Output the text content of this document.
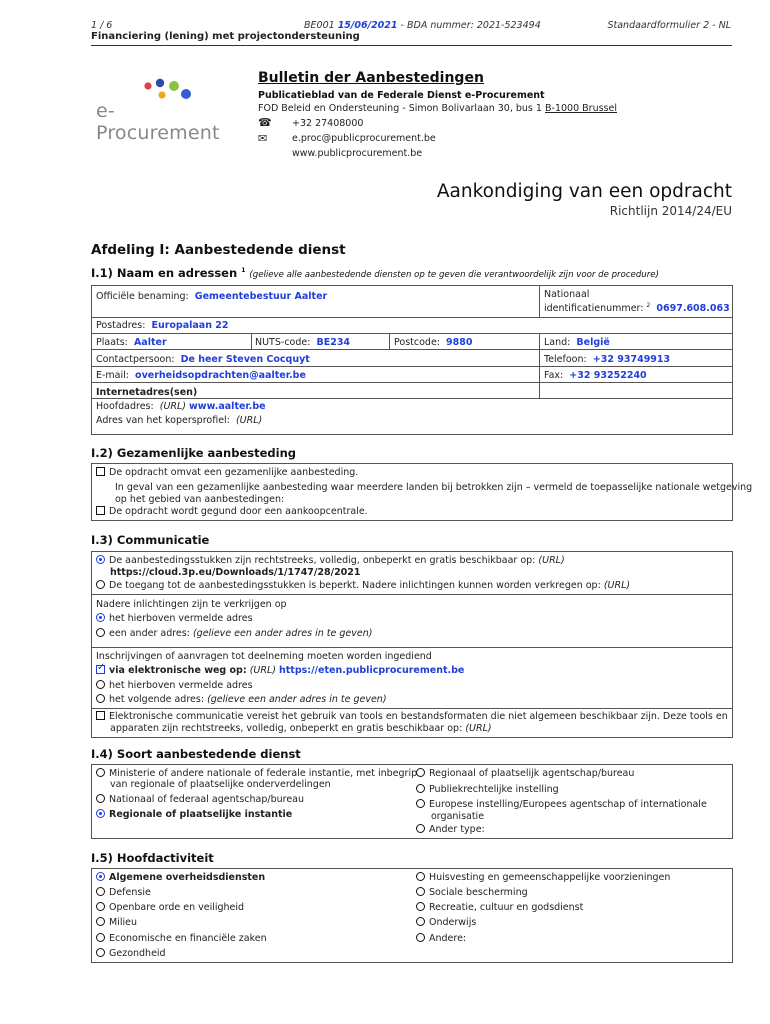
1 / 6	BE001 15/06/2021 - BDA nummer: 2021-523494	Standaardformulier 2 - NL
Financiering (lening) met projectondersteuning
e-Procurement
Bulletin der Aanbestedingen
Publicatieblad van de Federale Dienst e-Procurement
FOD Beleid en Ondersteuning - Simon Bolivarlaan 30, bus 1 B-1000 Brussel
☎ +32 27408000
✉	e.proc@publicprocurement.be
www.publicprocurement.be
Aankondiging van een opdracht
Richtlijn 2014/24/EU
Afdeling I: Aanbestedende dienst
I.1) Naam en adressen $^1$ (gelieve alle aanbestedende diensten op te geven die verantwoordelijk zijn voor de procedure)
Officiële benaming: Gemeentebestuur Aalter	Nationaal
identificatienummer: $^2$ 0697.608.063
Postadres: Europalaan 22
Plaats: Aalter	NUTS-code: BE234	Postcode: 9880	Land: België
Contactpersoon: De heer Steven Cocquyt	Telefoon: +32 93749913
E-mail: overheidsopdrachten@aalter.be	Fax: +32 93252240
Internetadres(sen)
Hoofdadres: (URL) www.aalter.be
Adres van het kopersprofiel: (URL)
I.2) Gezamenlijke aanbesteding
De opdracht omvat een gezamenlijke aanbesteding.
In geval van een gezamenlijke aanbesteding waar meerdere landen bij betrokken zijn – vermeld de toepasselijke nationale wetgeving
op het gebied van aanbestedingen:
De opdracht wordt gegund door een aankoopcentrale.
I.3) Communicatie
De aanbestedingsstukken zijn rechtstreeks, volledig, onbeperkt en gratis beschikbaar op: (URL)
https://cloud.3p.eu/Downloads/1/1747/28/2021
De toegang tot de aanbestedingsstukken is beperkt. Nadere inlichtingen kunnen worden verkregen op: (URL)
Nadere inlichtingen zijn te verkrijgen op
het hierboven vermelde adres
een ander adres: (gelieve een ander adres in te geven)
Inschrijvingen of aanvragen tot deelneming moeten worden ingediend
✓via elektronische weg op: (URL) https://eten.publicprocurement.be
het hierboven vermelde adres
het volgende adres: (gelieve een ander adres in te geven)
Elektronische communicatie vereist het gebruik van tools en bestandsformaten die niet algemeen beschikbaar zijn. Deze tools en
apparaten zijn rechtstreeks, volledig, onbeperkt en gratis beschikbaar op: (URL)
I.4) Soort aanbestedende dienst
Ministerie of andere nationale of federale instantie, met inbegrip
van regionale of plaatselijke onderverdelingen
Nationaal of federaal agentschap/bureau
Regionale of plaatselijke instantie
Regionaal of plaatselijk agentschap/bureau
Publiekrechtelijke instelling
Europese instelling/Europees agentschap of internationale
organisatie
Ander type:
I.5) Hoofdactiviteit
Algemene overheidsdiensten
Defensie
Openbare orde en veiligheid
Milieu
Economische en financiële zaken
Gezondheid
Huisvesting en gemeenschappelijke voorzieningen
Sociale bescherming
Recreatie, cultuur en godsdienst
Onderwijs
Andere:
